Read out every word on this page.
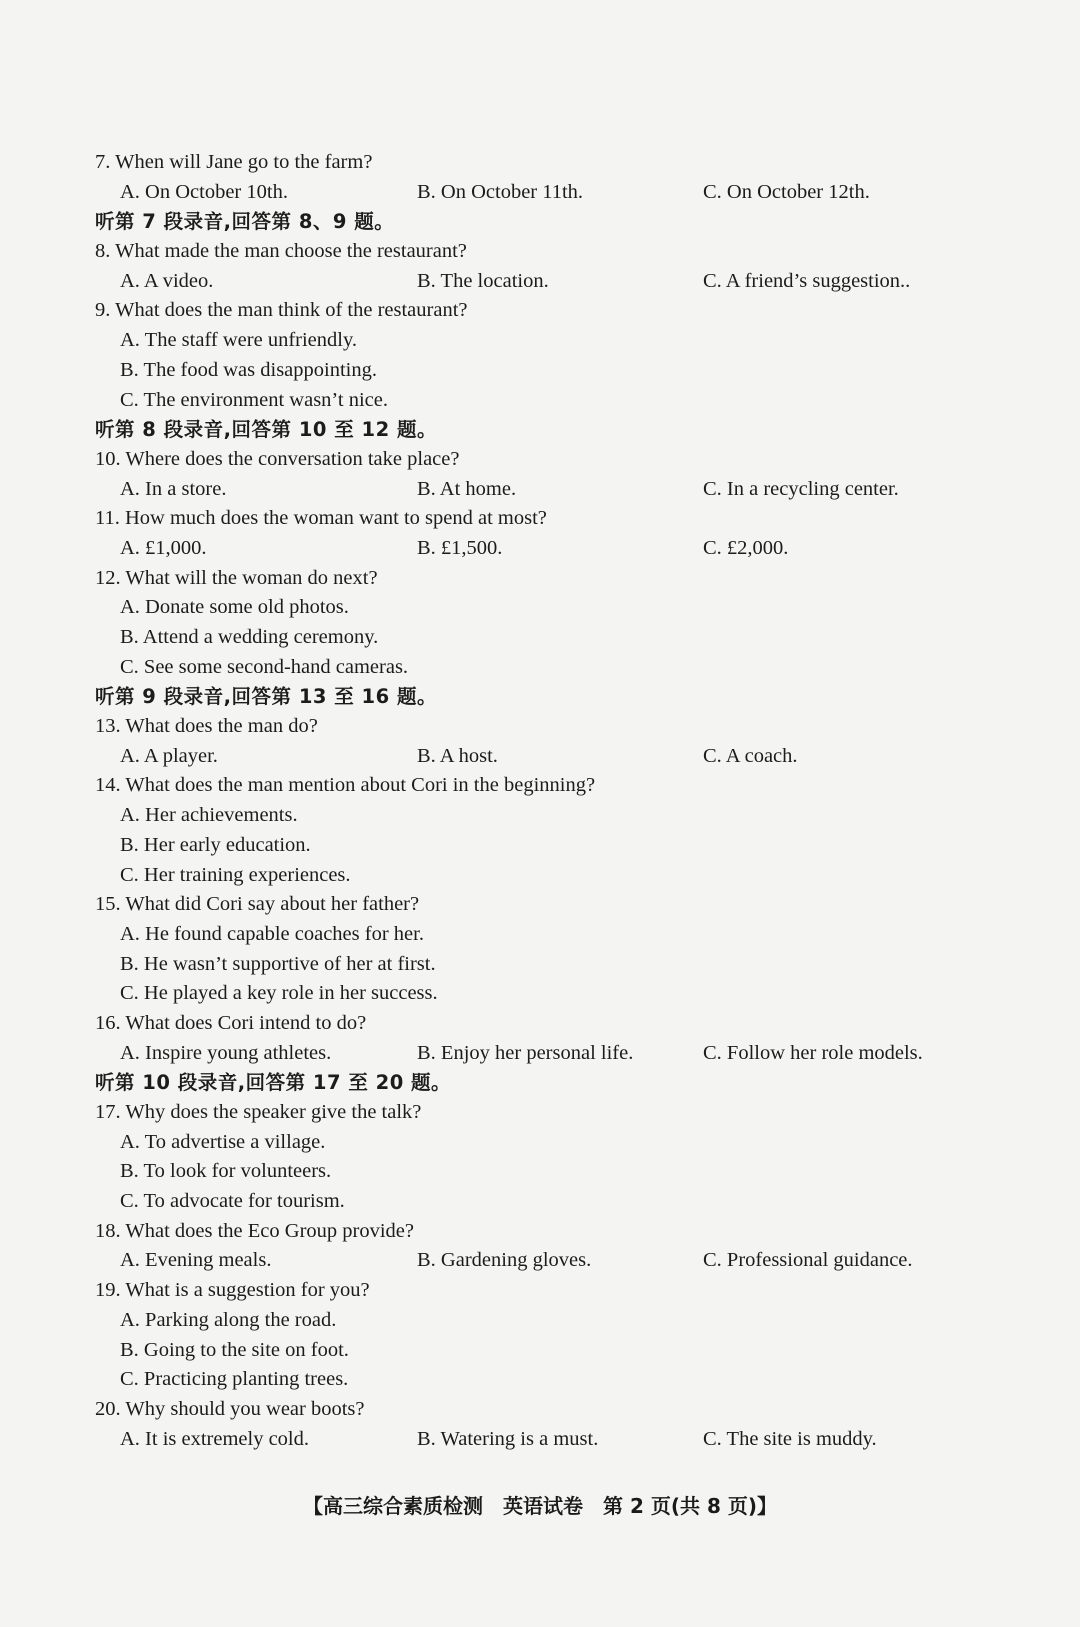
7. When will Jane go to the farm?
A. On October 10th.	B. On October 11th.	C. On October 12th.
听第 7 段录音,回答第 8、9 题。
8. What made the man choose the restaurant?
A. A video.	B. The location.	C. A friend’s suggestion..
9. What does the man think of the restaurant?
A. The staff were unfriendly.
B. The food was disappointing.
C. The environment wasn’t nice.
听第 8 段录音,回答第 10 至 12 题。
10. Where does the conversation take place?
A. In a store.	B. At home.	C. In a recycling center.
11. How much does the woman want to spend at most?
A. £1,000.	B. £1,500.	C. £2,000.
12. What will the woman do next?
A. Donate some old photos.
B. Attend a wedding ceremony.
C. See some second-hand cameras.
听第 9 段录音,回答第 13 至 16 题。
13. What does the man do?
A. A player.	B. A host.	C. A coach.
14. What does the man mention about Cori in the beginning?
A. Her achievements.
B. Her early education.
C. Her training experiences.
15. What did Cori say about her father?
A. He found capable coaches for her.
B. He wasn’t supportive of her at first.
C. He played a key role in her success.
16. What does Cori intend to do?
A. Inspire young athletes.	B. Enjoy her personal life.	C. Follow her role models.
听第 10 段录音,回答第 17 至 20 题。
17. Why does the speaker give the talk?
A. To advertise a village.
B. To look for volunteers.
C. To advocate for tourism.
18. What does the Eco Group provide?
A. Evening meals.	B. Gardening gloves.	C. Professional guidance.
19. What is a suggestion for you?
A. Parking along the road.
B. Going to the site on foot.
C. Practicing planting trees.
20. Why should you wear boots?
A. It is extremely cold.	B. Watering is a must.	C. The site is muddy.
【高三综合素质检测　英语试卷　第 2 页(共 8 页)】
